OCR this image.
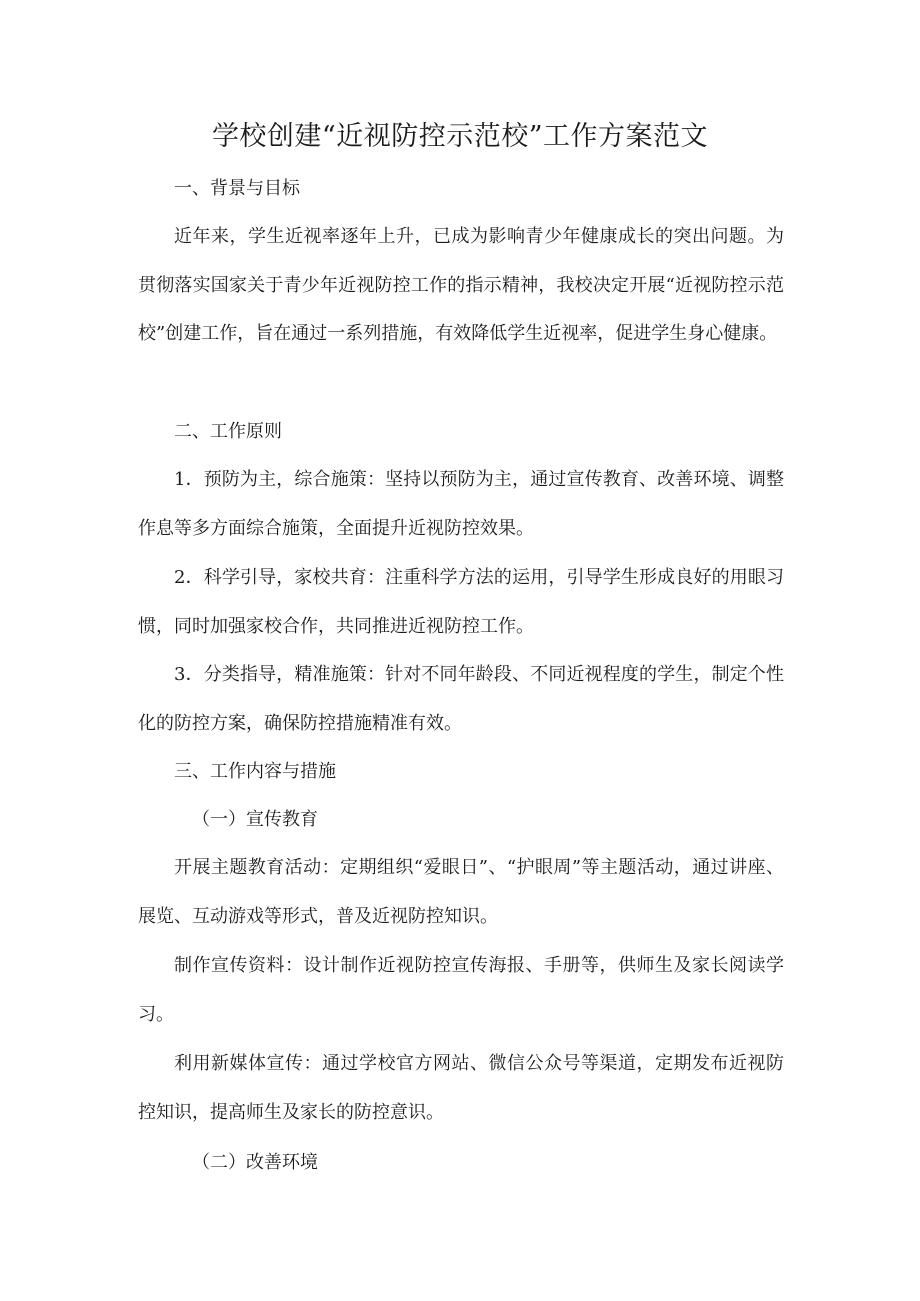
学校创建“近视防控示范校”工作方案范文

一、背景与目标

近年来，学生近视率逐年上升，已成为影响青少年健康成长的突出问题。为贯彻落实国家关于青少年近视防控工作的指示精神，我校决定开展“近视防控示范校”创建工作，旨在通过一系列措施，有效降低学生近视率，促进学生身心健康。

二、工作原则

1．预防为主，综合施策：坚持以预防为主，通过宣传教育、改善环境、调整作息等多方面综合施策，全面提升近视防控效果。

2．科学引导，家校共育：注重科学方法的运用，引导学生形成良好的用眼习惯，同时加强家校合作，共同推进近视防控工作。

3．分类指导，精准施策：针对不同年龄段、不同近视程度的学生，制定个性化的防控方案，确保防控措施精准有效。

三、工作内容与措施

（一）宣传教育

开展主题教育活动：定期组织“爱眼日”、“护眼周”等主题活动，通过讲座、展览、互动游戏等形式，普及近视防控知识。

制作宣传资料：设计制作近视防控宣传海报、手册等，供师生及家长阅读学习。

利用新媒体宣传：通过学校官方网站、微信公众号等渠道，定期发布近视防控知识，提高师生及家长的防控意识。

（二）改善环境
